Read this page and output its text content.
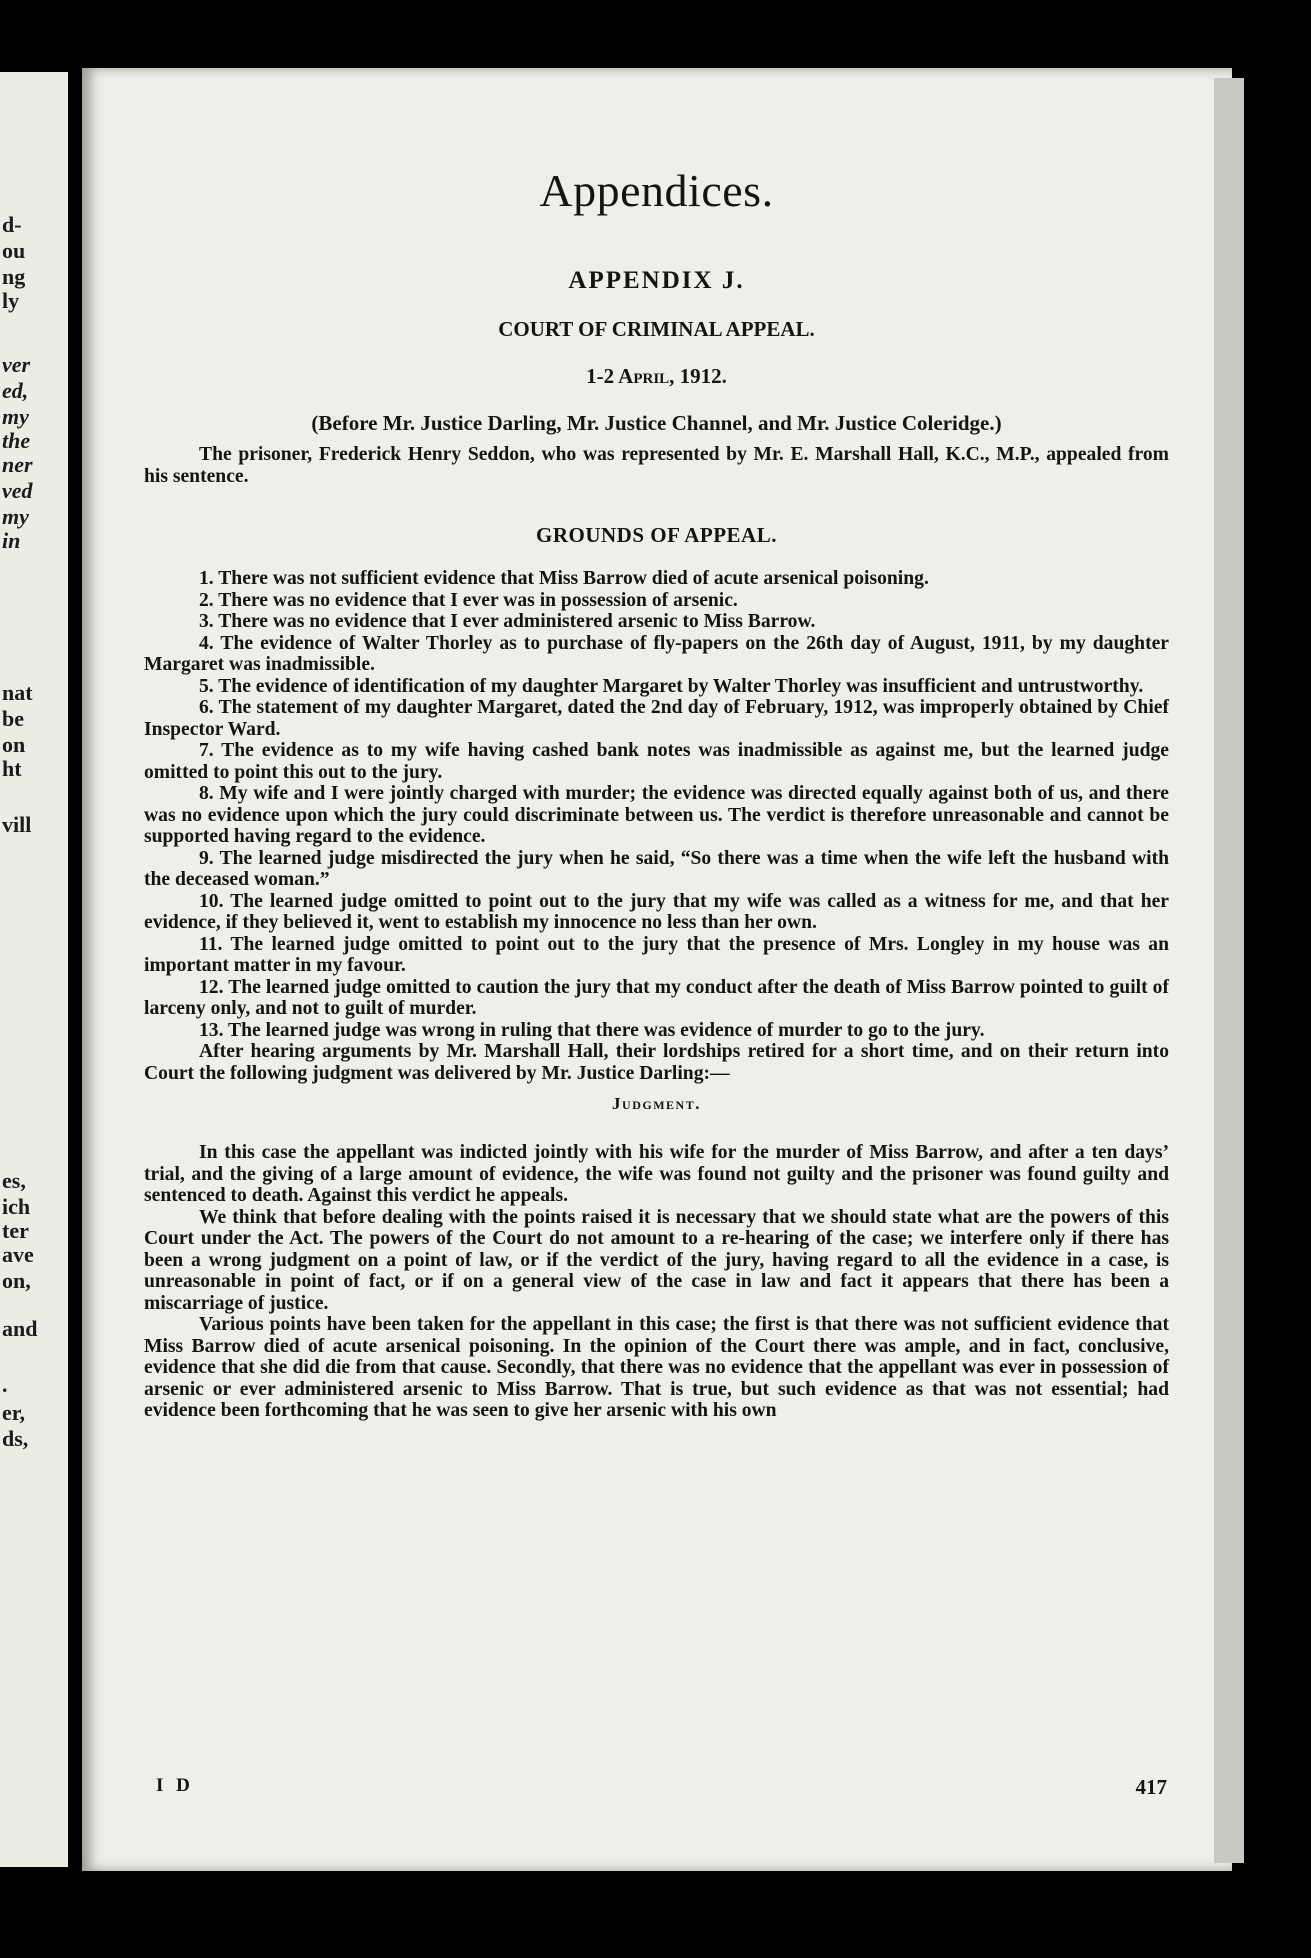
d-
ou
ng
ly
ver
ed,
my
the
ner
ved
my
in
nat
be
on
ht
vill
es,
ich
ter
ave
on,
and
.
er,
ds,
Appendices.
APPENDIX J.
COURT OF CRIMINAL APPEAL.
1-2 April, 1912.
(Before Mr. Justice Darling, Mr. Justice Channel, and Mr. Justice Coleridge.)

The prisoner, Frederick Henry Seddon, who was represented by Mr. E. Marshall Hall, K.C., M.P., appealed from his sentence.

GROUNDS OF APPEAL.

1. There was not sufficient evidence that Miss Barrow died of acute arsenical poisoning.

2. There was no evidence that I ever was in possession of arsenic.

3. There was no evidence that I ever administered arsenic to Miss Barrow.

4. The evidence of Walter Thorley as to purchase of fly-papers on the 26th day of August, 1911, by my daughter Margaret was inadmissible.

5. The evidence of identification of my daughter Margaret by Walter Thorley was insufficient and untrustworthy.

6. The statement of my daughter Margaret, dated the 2nd day of February, 1912, was improperly obtained by Chief Inspector Ward.

7. The evidence as to my wife having cashed bank notes was inadmissible as against me, but the learned judge omitted to point this out to the jury.

8. My wife and I were jointly charged with murder; the evidence was directed equally against both of us, and there was no evidence upon which the jury could discriminate between us. The verdict is therefore unreasonable and cannot be supported having regard to the evidence.

9. The learned judge misdirected the jury when he said, “So there was a time when the wife left the husband with the deceased woman.”

10. The learned judge omitted to point out to the jury that my wife was called as a witness for me, and that her evidence, if they believed it, went to establish my innocence no less than her own.

11. The learned judge omitted to point out to the jury that the presence of Mrs. Longley in my house was an important matter in my favour.

12. The learned judge omitted to caution the jury that my conduct after the death of Miss Barrow pointed to guilt of larceny only, and not to guilt of murder.

13. The learned judge was wrong in ruling that there was evidence of murder to go to the jury.

After hearing arguments by Mr. Marshall Hall, their lordships retired for a short time, and on their return into Court the following judgment was delivered by Mr. Justice Darling:—

Judgment.

In this case the appellant was indicted jointly with his wife for the murder of Miss Barrow, and after a ten days’ trial, and the giving of a large amount of evidence, the wife was found not guilty and the prisoner was found guilty and sentenced to death. Against this verdict he appeals.

We think that before dealing with the points raised it is necessary that we should state what are the powers of this Court under the Act. The powers of the Court do not amount to a re-hearing of the case; we interfere only if there has been a wrong judgment on a point of law, or if the verdict of the jury, having regard to all the evidence in a case, is unreasonable in point of fact, or if on a general view of the case in law and fact it appears that there has been a miscarriage of justice.

Various points have been taken for the appellant in this case; the first is that there was not sufficient evidence that Miss Barrow died of acute arsenical poisoning. In the opinion of the Court there was ample, and in fact, conclusive, evidence that she did die from that cause. Secondly, that there was no evidence that the appellant was ever in possession of arsenic or ever administered arsenic to Miss Barrow. That is true, but such evidence as that was not essential; had evidence been forthcoming that he was seen to give her arsenic with his own

I D	417
